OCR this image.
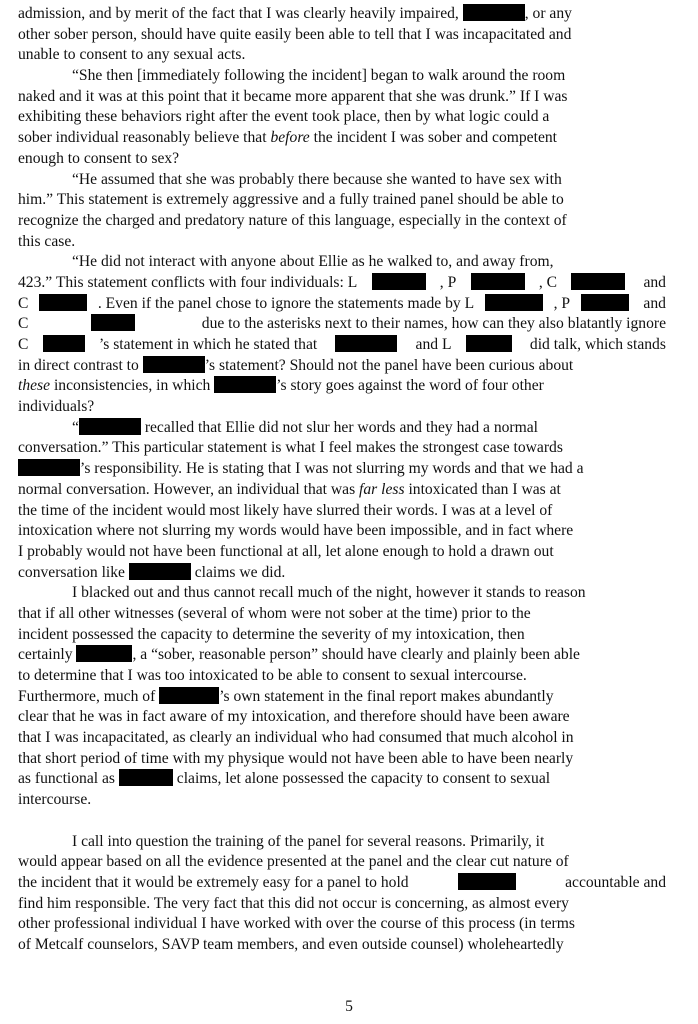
admission, and by merit of the fact that I was clearly heavily impaired,	, or any
other sober person, should have quite easily been able to tell that I was incapacitated and
unable to consent to any sexual acts.
“She then [immediately following the incident] began to walk around the room
naked and it was at this point that it became more apparent that she was drunk.” If I was
exhibiting these behaviors right after the event took place, then by what logic could a
sober individual reasonably believe that before the incident I was sober and competent
enough to consent to sex?
“He assumed that she was probably there because she wanted to have sex with
him.” This statement is extremely aggressive and a fully trained panel should be able to
recognize the charged and predatory nature of this language, especially in the context of
this case.
“He did not interact with anyone about Ellie as he walked to, and away from,
423.” This statement conflicts with four individuals: L	, P	, C	and
C	. Even if the panel chose to ignore the statements made by L	, P	and
C	due to the asterisks next to their names, how can they also blatantly ignore
C	’s statement in which he stated that	and L	did talk, which stands
in direct contrast to	’s statement? Should not the panel have been curious about
these inconsistencies, in which	’s story goes against the word of four other
individuals?
“	recalled that Ellie did not slur her words and they had a normal
conversation.” This particular statement is what I feel makes the strongest case towards
’s responsibility. He is stating that I was not slurring my words and that we had a
normal conversation. However, an individual that was far less intoxicated than I was at
the time of the incident would most likely have slurred their words. I was at a level of
intoxication where not slurring my words would have been impossible, and in fact where
I probably would not have been functional at all, let alone enough to hold a drawn out
conversation like	claims we did.
I blacked out and thus cannot recall much of the night, however it stands to reason
that if all other witnesses (several of whom were not sober at the time) prior to the
incident possessed the capacity to determine the severity of my intoxication, then
certainly	, a “sober, reasonable person” should have clearly and plainly been able
to determine that I was too intoxicated to be able to consent to sexual intercourse.
Furthermore, much of	’s own statement in the final report makes abundantly
clear that he was in fact aware of my intoxication, and therefore should have been aware
that I was incapacitated, as clearly an individual who had consumed that much alcohol in
that short period of time with my physique would not have been able to have been nearly
as functional as	claims, let alone possessed the capacity to consent to sexual
intercourse.
I call into question the training of the panel for several reasons. Primarily, it
would appear based on all the evidence presented at the panel and the clear cut nature of
the incident that it would be extremely easy for a panel to hold	accountable and
find him responsible. The very fact that this did not occur is concerning, as almost every
other professional individual I have worked with over the course of this process (in terms
of Metcalf counselors, SAVP team members, and even outside counsel) wholeheartedly
5
